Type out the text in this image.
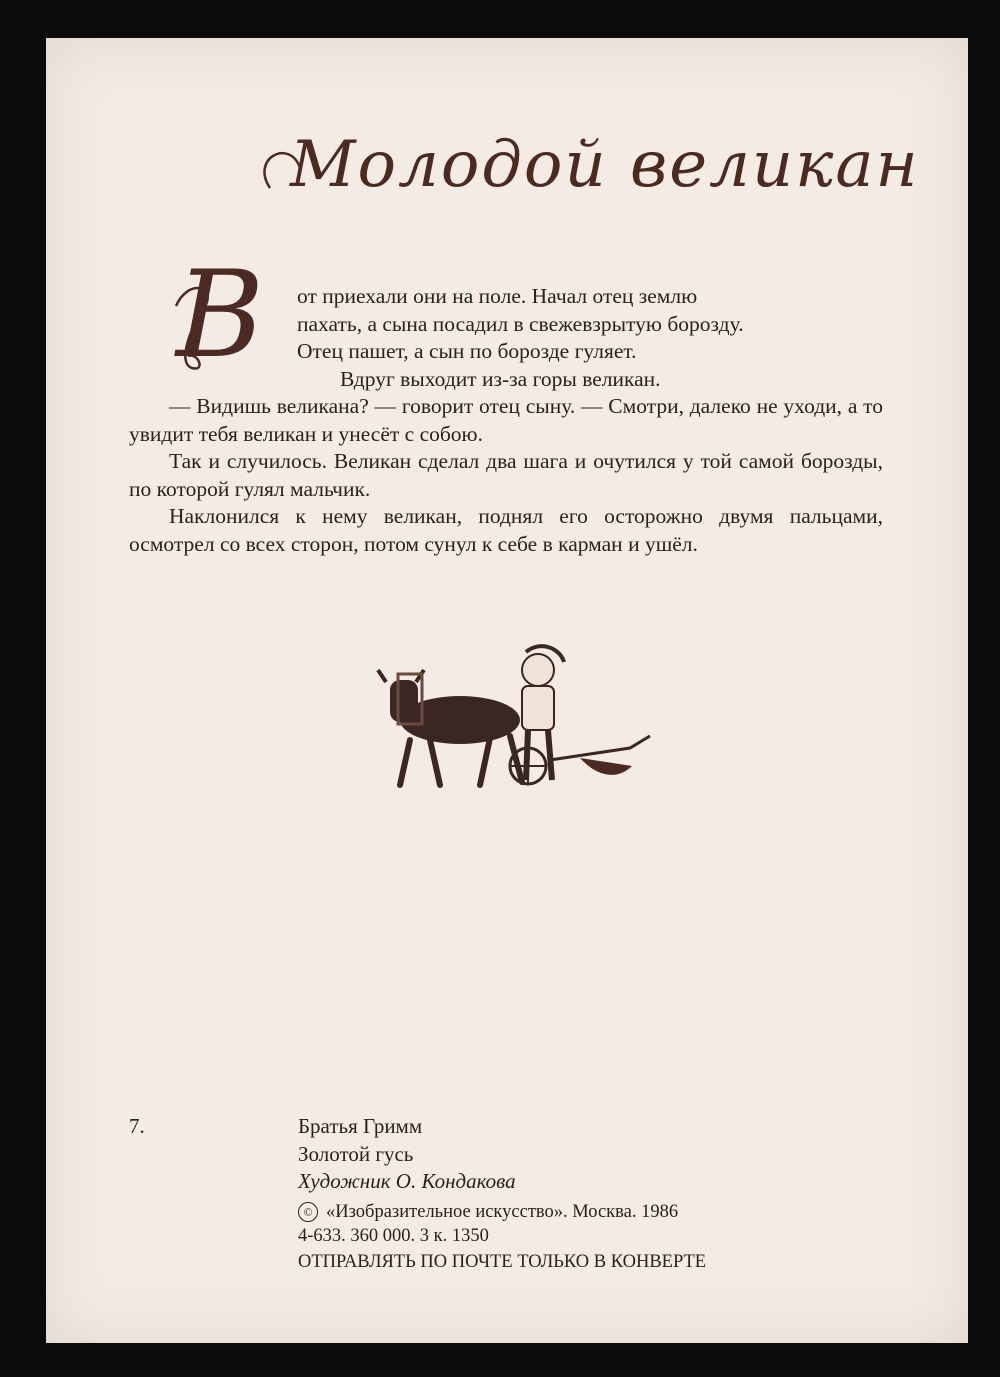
Молодой великан
В от приехали они на поле. Начал отец землю
пахать, а сына посадил в свежевзрытую борозду.
Отец пашет, а сын по борозде гуляет.

Вдруг выходит из-за горы великан.

— Видишь великана? — говорит отец сыну. — Смотри, далеко не уходи, а то увидит тебя великан и унесёт с собою.

Так и случилось. Великан сделал два шага и очутился у той самой борозды, по которой гулял мальчик.

Наклонился к нему великан, поднял его осторожно двумя пальцами, осмотрел со всех сторон, потом сунул к себе в карман и ушёл.

7.	Братья Гримм
Золотой гусь
Художник О. Кондакова
© «Изобразительное искусство». Москва. 1986
4-633. 360 000. 3 к. 1350
ОТПРАВЛЯТЬ ПО ПОЧТЕ ТОЛЬКО В КОНВЕРТЕ
